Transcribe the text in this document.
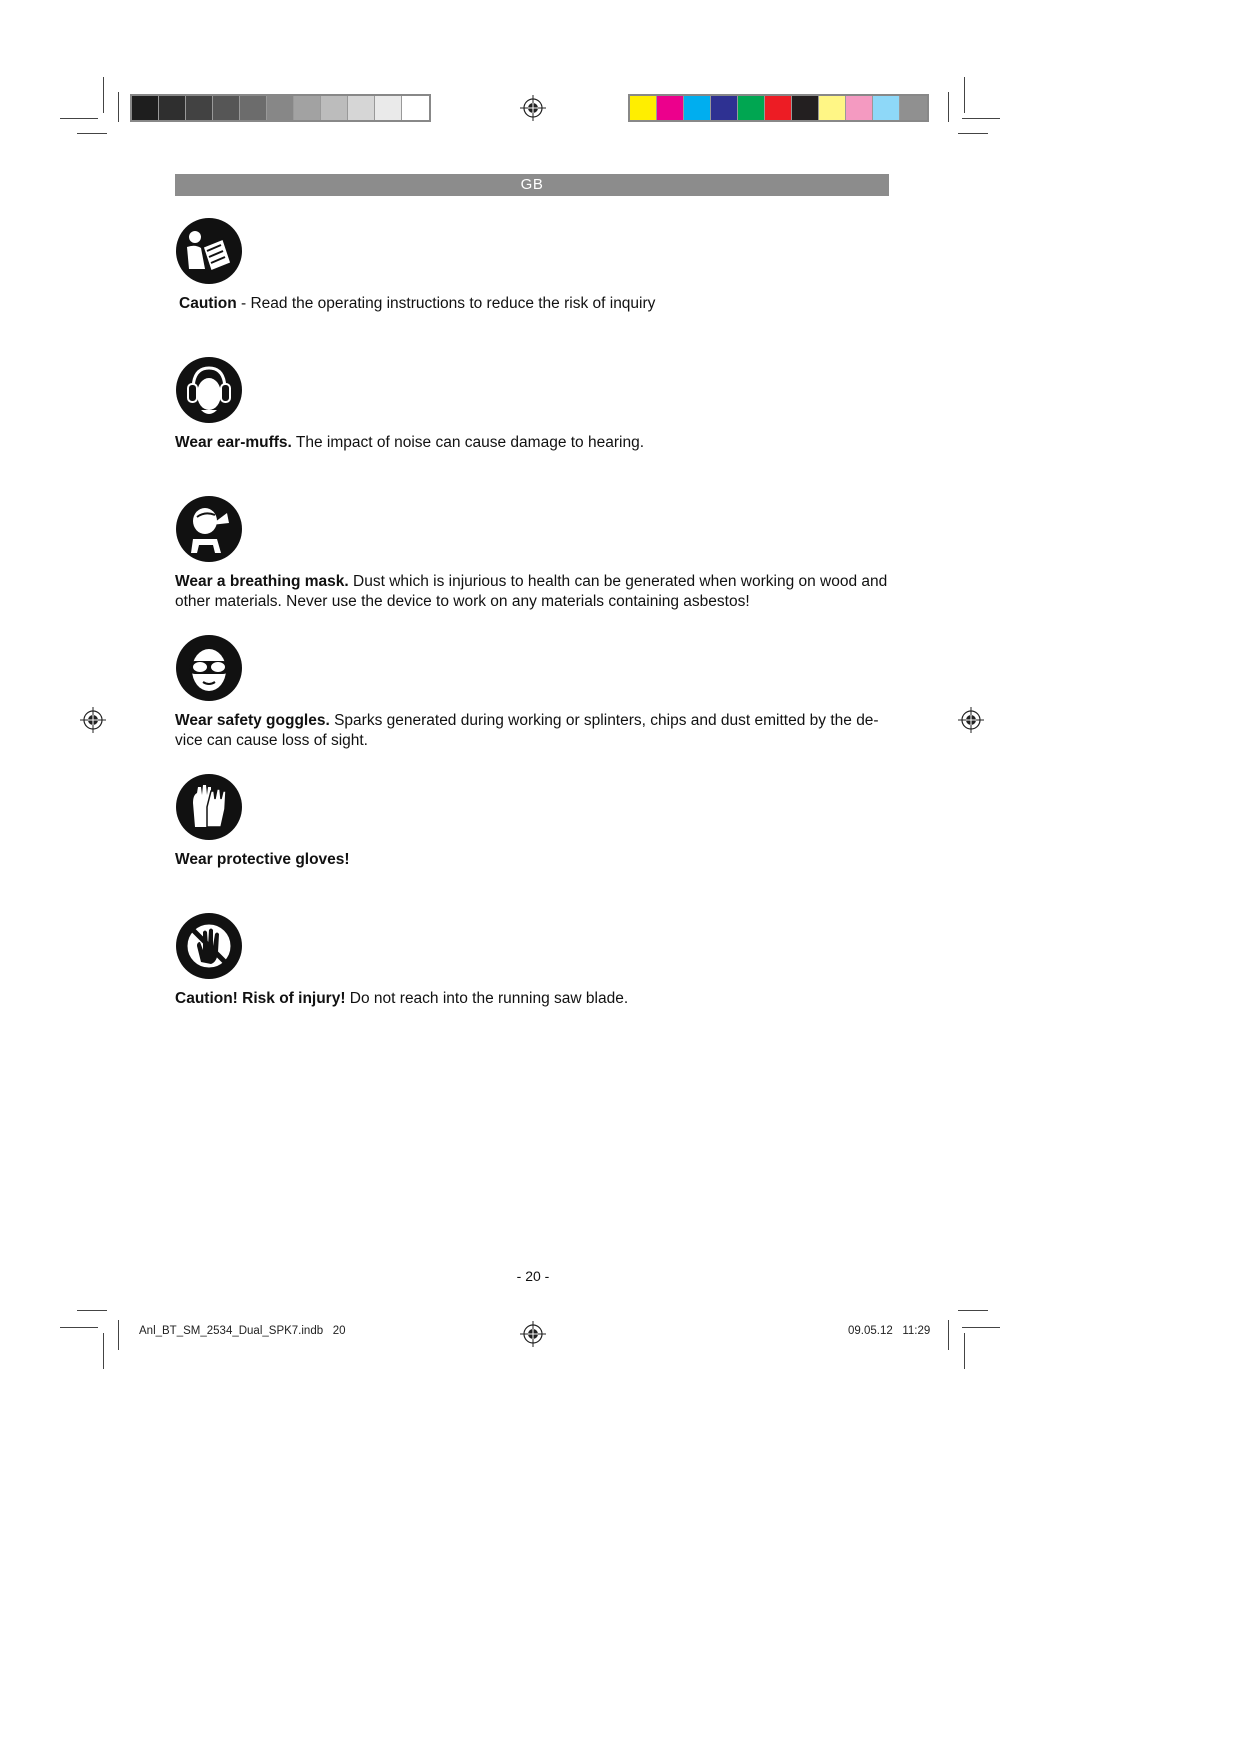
GB
Caution - Read the operating instructions to reduce the risk of inquiry
Wear ear-muffs. The impact of noise can cause damage to hearing.
Wear a breathing mask. Dust which is injurious to health can be generated when working on wood and other materials. Never use the device to work on any materials containing asbestos!
Wear safety goggles. Sparks generated during working or splinters, chips and dust emitted by the de-vice can cause loss of sight.
Wear protective gloves!
Caution! Risk of injury! Do not reach into the running saw blade.
- 20 -
Anl_BT_SM_2534_Dual_SPK7.indb   20	09.05.12   11:29
